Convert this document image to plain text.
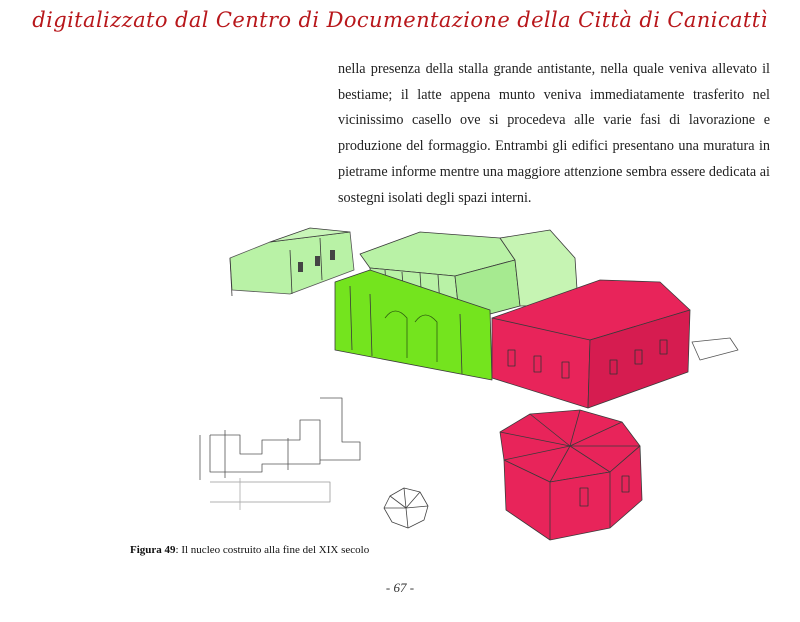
digitalizzato dal Centro di Documentazione della Città di Canicattì

nella presenza della stalla grande antistante, nella quale veniva allevato il bestiame; il latte appena munto veniva immediatamente trasferito nel vicinissimo casello ove si procedeva alle varie fasi di lavorazione e produzione del formaggio. Entrambi gli edifici presentano una muratura in pietrame informe mentre una maggiore attenzione sembra essere dedicata ai sostegni isolati degli spazi interni.

Figura 49: Il nucleo costruito alla fine del XIX secolo
- 67 -
